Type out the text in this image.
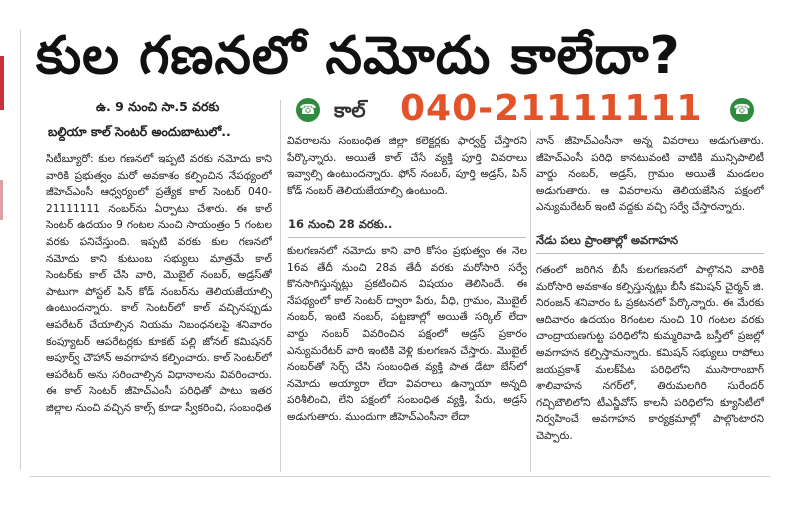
కుల గణనలో నమోదు కాలేదా?
ఉ. 9 నుంచి సా.5 వరకు
బల్దియా కాల్ సెంటర్ అందుబాటులో..
☎ కాల్ 040-21111111 ☎
సిటీబ్యూరో: కుల గణనలో ఇప్పటి వరకు నమోదు కాని వారికి ప్రభుత్వం మరో అవకాశం కల్పించిన నేపథ్యంలో జీహెచ్‌ఎంసీ ఆధ్వర్యంలో ప్రత్యేక కాల్ సెంటర్ 040-21111111 నంబర్‌ను ఏర్పాటు చేశారు. ఈ కాల్ సెంటర్ ఉదయం 9 గంటల నుంచి సాయంత్రం 5 గంటల వరకు పనిచేస్తుంది. ఇప్పటి వరకు కుల గణనలో నమోదు కాని కుటుంబ సభ్యులు మాత్రమే కాల్ సెంటర్‌కు కాల్ చేసి వారి, మొబైల్ నంబర్, అడ్రస్‌తో పాటుగా పోస్టల్ పిన్ కోడ్ నంబర్‌ను తెలియజేయాల్సి ఉంటుందన్నారు. కాల్ సెంటర్‌లో కాల్ వచ్చినప్పుడు ఆపరేటర్ చేయాల్సిన నియమ నిబంధనలపై శనివారం కంప్యూటర్ ఆపరేటర్లకు కూకట్ పల్లి జోనల్ కమిషనర్ అపూర్వ్ చౌహాన్ అవగాహన కల్పించారు. కాల్ సెంటర్‌లో ఆపరేటర్ అను సరించాల్సిన విధానాలను వివరించారు. ఈ కాల్ సెంటర్ జీహెచ్‌ఎంసీ పరిధితో పాటు ఇతర జిల్లాల నుంచి వచ్చిన కాల్స్ కూడా స్వీకరించి, సంబంధిత
వివరాలను సంబంధిత జిల్లా కలెక్టర్లకు ఫార్వర్డ్ చేస్తారని పేర్కొన్నారు. అయితే కాల్ చేసే వ్యక్తి పూర్తి వివరాలు ఇవ్వాల్సి ఉంటుందన్నారు. ఫోన్ నంబర్, పూర్తి అడ్రస్, పిన్ కోడ్ నంబర్ తెలియజేయాల్సి ఉంటుంది.
16 నుంచి 28 వరకు..
కులగణనలో నమోదు కాని వారి కోసం ప్రభుత్వం ఈ నెల 16వ తేదీ నుంచి 28వ తేదీ వరకు మరోసారి సర్వే కొనసాగిస్తున్నట్లు ప్రకటించిన విషయం తెలిసిందే. ఈ నేపథ్యంలో కాల్ సెంటర్ ద్వారా పేరు, వీధి, గ్రామం, మొబైల్ నంబర్, ఇంటి నంబర్, పట్టణాల్లో అయితే సర్కిల్ లేదా వార్డు నంబర్ వివరించిన పక్షంలో అడ్రస్ ప్రకారం ఎన్యుమరేటర్ వారి ఇంటికి వెళ్లి కులగణన చేస్తారు. మొబైల్ నంబర్‌తో సెర్చ్ చేసి సంబంధిత వ్యక్తి పాత డేటా బేస్‌లో నమోదు అయ్యారా లేదా వివరాలు ఉన్నాయా అన్నది పరిశీలించి, లేని పక్షంలో సంబంధిత వ్యక్తి, పేరు, అడ్రస్ అడుగుతారు. ముందుగా జీహెచ్‌ఎంసీనా లేదా
నాన్ జీహెచ్‌ఎంసీనా అన్న వివరాలు అడుగుతారు. జీహెచ్‌ఎంసీ పరిధి కానటువంటి వాటికి మున్సిపాలిటీ వార్డు నంబర్, అడ్రస్, గ్రామం అయితే మండలం అడుగుతారు. ఆ వివరాలను తెలియజేసిన పక్షంలో ఎన్యుమరేటర్ ఇంటి వద్దకు వచ్చి సర్వే చేస్తారన్నారు.
నేడు పలు ప్రాంతాల్లో అవగాహన
గతంలో జరిగిన బీసీ కులగణనలో పాల్గొనని వారికి మరోసారి అవకాశం కల్పిస్తున్నట్లు బీసీ కమిషన్ చైర్మన్ జి. నిరంజన్ శనివారం ఓ ప్రకటనలో పేర్కొన్నారు. ఈ మేరకు ఆదివారం ఉదయం 8గంటల నుంచి 10 గంటల వరకు చాంద్రాయణగుట్ట పరిధిలోని కుమ్మరివాడి బస్తీలో ప్రజల్లో అవగాహన కల్పిస్తామన్నారు. కమిషన్ సభ్యులు రాపోలు జయప్రకాశ్ మలక్‌పేట పరిధిలోని ముసారాంబాగ్ శాలివాహన నగర్‌లో, తిరుమలగిరి సురేందర్ గచ్చిబౌలిలోని టీఎన్జీవోస్ కాలనీ పరిధిలోని క్యూసిటీలో నిర్వహించే అవగాహన కార్యక్రమాల్లో పాల్గొంటారని చెప్పారు.
